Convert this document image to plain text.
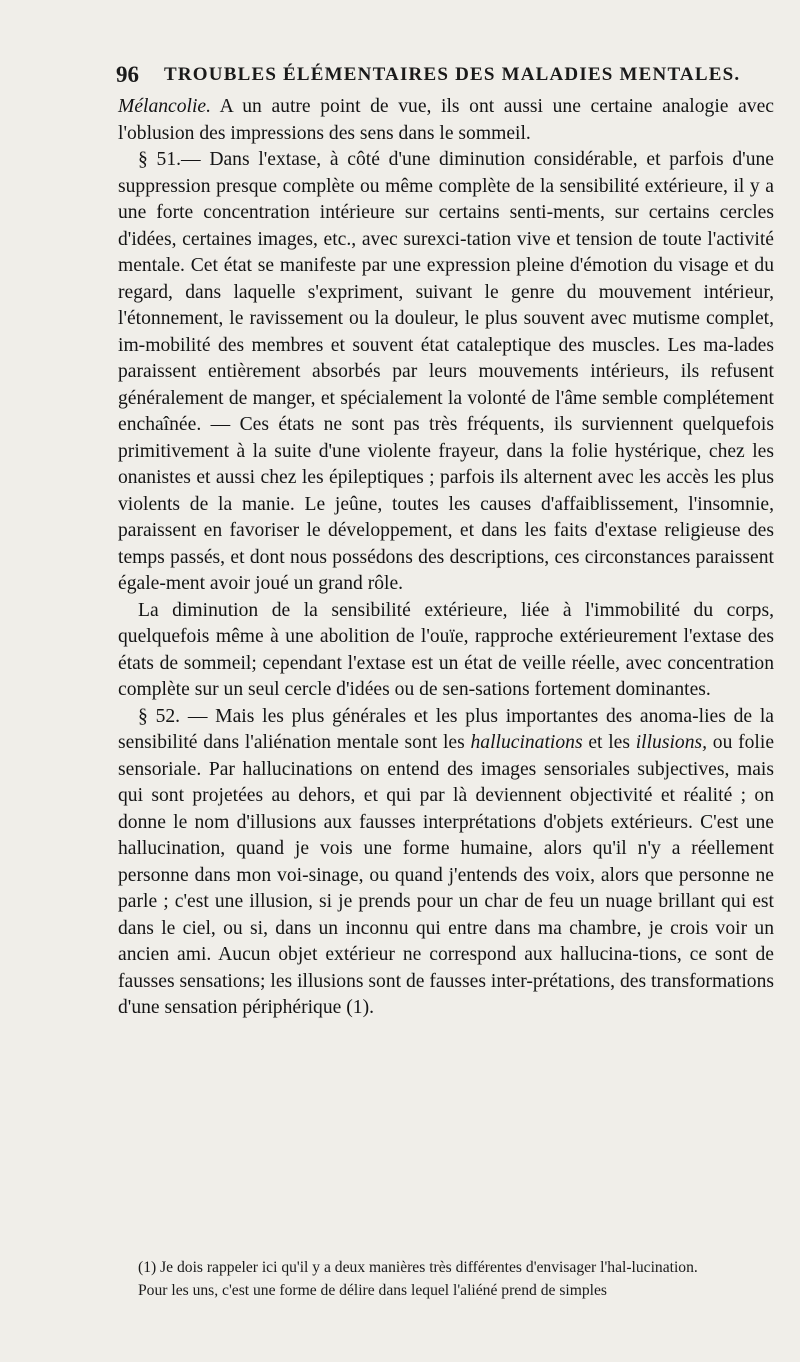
96 TROUBLES ÉLÉMENTAIRES DES MALADIES MENTALES.

Mélancolie. A un autre point de vue, ils ont aussi une certaine analogie avec l'oblusion des impressions des sens dans le sommeil.

§ 51.— Dans l'extase, à côté d'une diminution considérable, et parfois d'une suppression presque complète ou même complète de la sensibilité extérieure, il y a une forte concentration intérieure sur certains senti-ments, sur certains cercles d'idées, certaines images, etc., avec surexci-tation vive et tension de toute l'activité mentale. Cet état se manifeste par une expression pleine d'émotion du visage et du regard, dans laquelle s'expriment, suivant le genre du mouvement intérieur, l'étonnement, le ravissement ou la douleur, le plus souvent avec mutisme complet, im-mobilité des membres et souvent état cataleptique des muscles. Les ma-lades paraissent entièrement absorbés par leurs mouvements intérieurs, ils refusent généralement de manger, et spécialement la volonté de l'âme semble complétement enchaînée. — Ces états ne sont pas très fréquents, ils surviennent quelquefois primitivement à la suite d'une violente frayeur, dans la folie hystérique, chez les onanistes et aussi chez les épileptiques ; parfois ils alternent avec les accès les plus violents de la manie. Le jeûne, toutes les causes d'affaiblissement, l'insomnie, paraissent en favoriser le développement, et dans les faits d'extase religieuse des temps passés, et dont nous possédons des descriptions, ces circonstances paraissent égale-ment avoir joué un grand rôle.

La diminution de la sensibilité extérieure, liée à l'immobilité du corps, quelquefois même à une abolition de l'ouïe, rapproche extérieurement l'extase des états de sommeil; cependant l'extase est un état de veille réelle, avec concentration complète sur un seul cercle d'idées ou de sen-sations fortement dominantes.

§ 52. — Mais les plus générales et les plus importantes des anoma-lies de la sensibilité dans l'aliénation mentale sont les hallucinations et les illusions, ou folie sensoriale. Par hallucinations on entend des images sensoriales subjectives, mais qui sont projetées au dehors, et qui par là deviennent objectivité et réalité ; on donne le nom d'illusions aux fausses interprétations d'objets extérieurs. C'est une hallucination, quand je vois une forme humaine, alors qu'il n'y a réellement personne dans mon voi-sinage, ou quand j'entends des voix, alors que personne ne parle ; c'est une illusion, si je prends pour un char de feu un nuage brillant qui est dans le ciel, ou si, dans un inconnu qui entre dans ma chambre, je crois voir un ancien ami. Aucun objet extérieur ne correspond aux hallucina-tions, ce sont de fausses sensations; les illusions sont de fausses inter-prétations, des transformations d'une sensation périphérique (1).

(1) Je dois rappeler ici qu'il y a deux manières très différentes d'envisager l'hal-lucination.

Pour les uns, c'est une forme de délire dans lequel l'aliéné prend de simples
